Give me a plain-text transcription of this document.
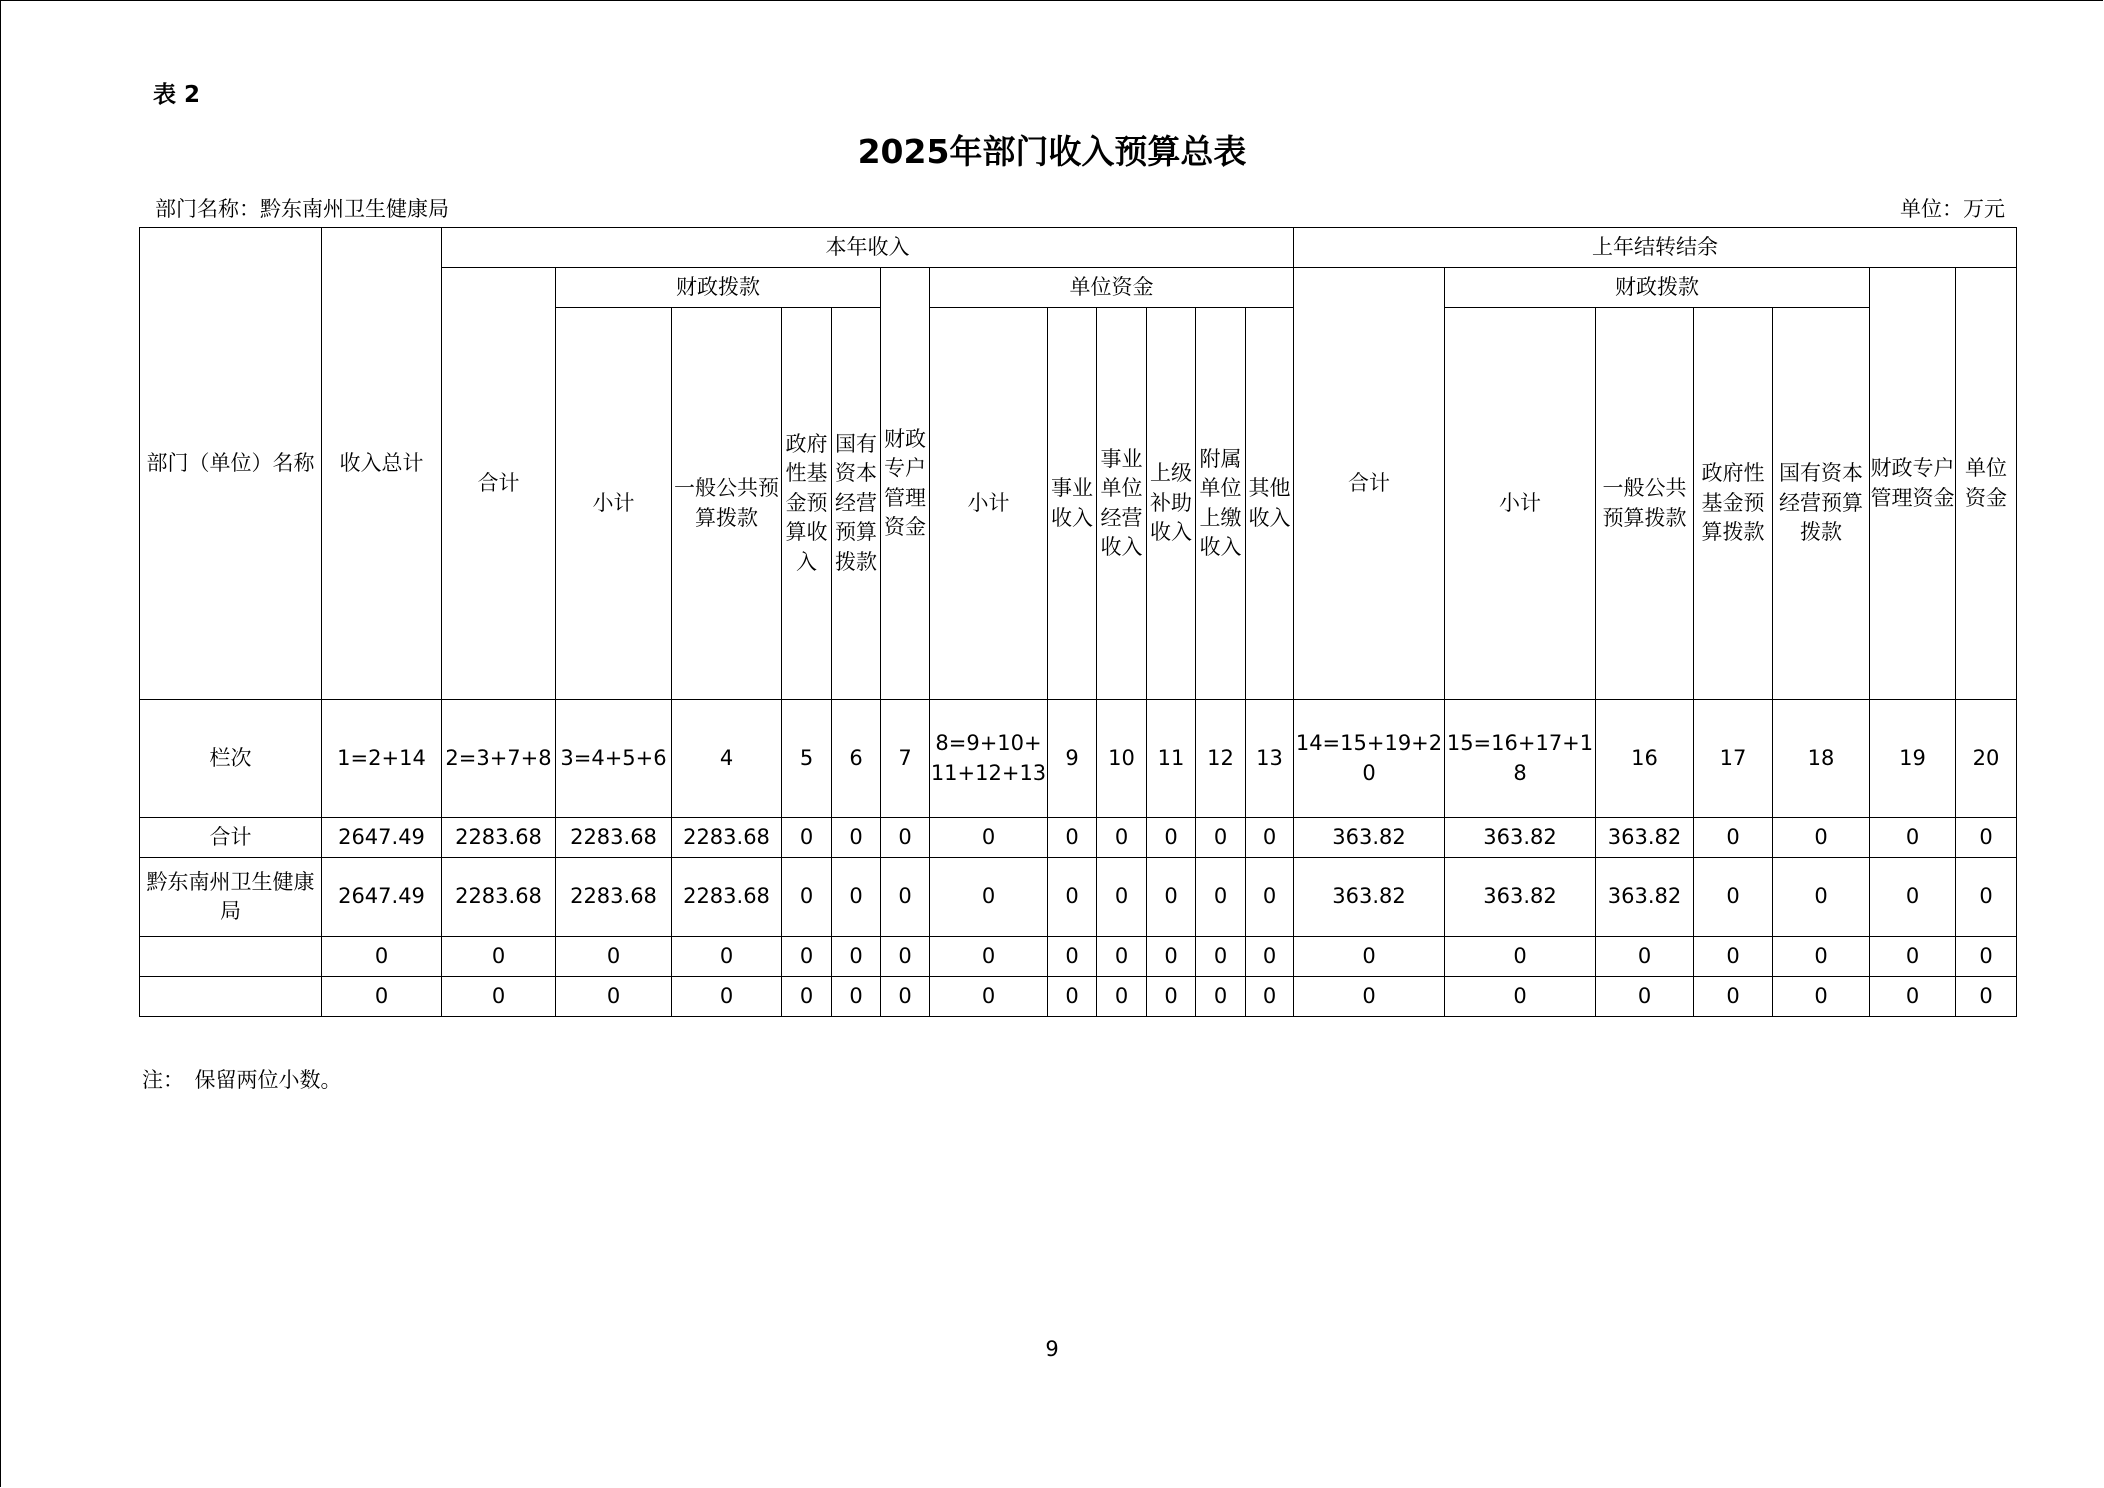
表 2
2025年部门收入预算总表
部门名称：黔东南州卫生健康局	单位：万元
部门（单位）名称	收入总计	本年收入												上年结转结余						
		合计	财政拨款				财政专户管理资金	单位资金						合计	财政拨款				财政专户管理资金	单位资金
			小计	一般公共预算拨款	政府性基金预算收入	国有资本经营预算拨款		小计	事业收入	事业单位经营收入	上级补助收入	附属单位上缴收入	其他收入		小计	一般公共预算拨款	政府性基金预算拨款	国有资本经营预算拨款		
栏次	1=2+14	2=3+7+8	3=4+5+6	4	5	6	7	8=9+10+11+12+13	9	10	11	12	13	14=15+19+20	15=16+17+18	16	17	18	19	20
合计	2647.49	2283.68	2283.68	2283.68	0	0	0	0	0	0	0	0	0	363.82	363.82	363.82	0	0	0	0
黔东南州卫生健康局	2647.49	2283.68	2283.68	2283.68	0	0	0	0	0	0	0	0	0	363.82	363.82	363.82	0	0	0	0
	0	0	0	0	0	0	0	0	0	0	0	0	0	0	0	0	0	0	0	0
	0	0	0	0	0	0	0	0	0	0	0	0	0	0	0	0	0	0	0	0
注：　保留两位小数。
9
